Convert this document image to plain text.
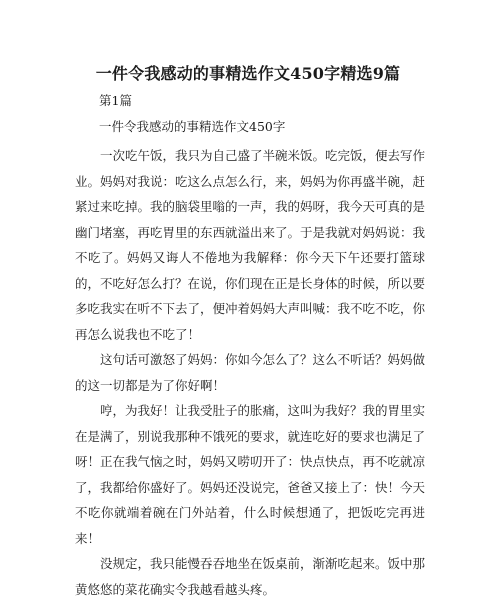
一件令我感动的事精选作文450字精选9篇
第1篇
一件令我感动的事精选作文450字

一次吃午饭，我只为自己盛了半碗米饭。吃完饭，便去写作业。妈妈对我说：吃这么点怎么行，来，妈妈为你再盛半碗，赶紧过来吃掉。我的脑袋里嗡的一声，我的妈呀，我今天可真的是幽门堵塞，再吃胃里的东西就溢出来了。于是我就对妈妈说：我不吃了。妈妈又诲人不倦地为我解释：你今天下午还要打篮球的，不吃好怎么打？在说，你们现在正是长身体的时候，所以要多吃我实在听不下去了，便冲着妈妈大声叫喊：我不吃不吃，你再怎么说我也不吃了！

这句话可激怒了妈妈：你如今怎么了？这么不听话？妈妈做的这一切都是为了你好啊！

哼，为我好！让我受肚子的胀痛，这叫为我好？我的胃里实在是满了，别说我那种不饿死的要求，就连吃好的要求也满足了呀！正在我气恼之时，妈妈又唠叨开了：快点快点，再不吃就凉了，我都给你盛好了。妈妈还没说完，爸爸又接上了：快！今天不吃你就端着碗在门外站着，什么时候想通了，把饭吃完再进来！

没规定，我只能慢吞吞地坐在饭桌前，渐渐吃起来。饭中那黄悠悠的菜花确实令我越看越头疼。
